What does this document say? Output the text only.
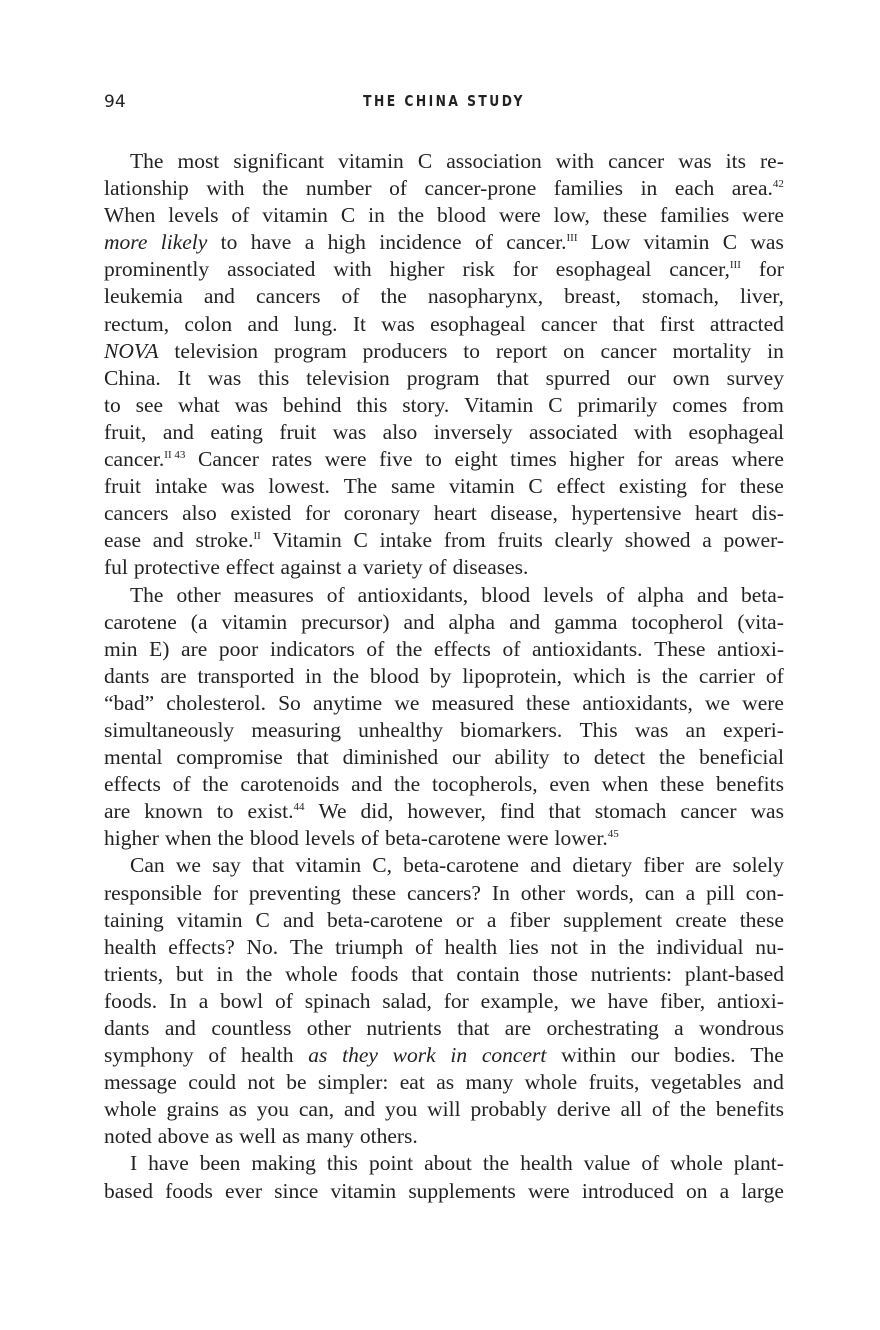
94	THE CHINA STUDY
The most significant vitamin C association with cancer was its re-
lationship with the number of cancer-prone families in each area.$^{42}$
When levels of vitamin C in the blood were low, these families were
more likely to have a high incidence of cancer.$^{III}$ Low vitamin C was
prominently associated with higher risk for esophageal cancer,$^{III}$ for
leukemia and cancers of the nasopharynx, breast, stomach, liver,
rectum, colon and lung. It was esophageal cancer that first attracted
NOVA television program producers to report on cancer mortality in
China. It was this television program that spurred our own survey
to see what was behind this story. Vitamin C primarily comes from
fruit, and eating fruit was also inversely associated with esophageal
cancer.$^{II 43}$ Cancer rates were five to eight times higher for areas where
fruit intake was lowest. The same vitamin C effect existing for these
cancers also existed for coronary heart disease, hypertensive heart dis-
ease and stroke.$^{II}$ Vitamin C intake from fruits clearly showed a power-
ful protective effect against a variety of diseases.
The other measures of antioxidants, blood levels of alpha and beta-
carotene (a vitamin precursor) and alpha and gamma tocopherol (vita-
min E) are poor indicators of the effects of antioxidants. These antioxi-
dants are transported in the blood by lipoprotein, which is the carrier of
“bad” cholesterol. So anytime we measured these antioxidants, we were
simultaneously measuring unhealthy biomarkers. This was an experi-
mental compromise that diminished our ability to detect the beneficial
effects of the carotenoids and the tocopherols, even when these benefits
are known to exist.$^{44}$ We did, however, find that stomach cancer was
higher when the blood levels of beta-carotene were lower.$^{45}$
Can we say that vitamin C, beta-carotene and dietary fiber are solely
responsible for preventing these cancers? In other words, can a pill con-
taining vitamin C and beta-carotene or a fiber supplement create these
health effects? No. The triumph of health lies not in the individual nu-
trients, but in the whole foods that contain those nutrients: plant-based
foods. In a bowl of spinach salad, for example, we have fiber, antioxi-
dants and countless other nutrients that are orchestrating a wondrous
symphony of health as they work in concert within our bodies. The
message could not be simpler: eat as many whole fruits, vegetables and
whole grains as you can, and you will probably derive all of the benefits
noted above as well as many others.
I have been making this point about the health value of whole plant-
based foods ever since vitamin supplements were introduced on a large
